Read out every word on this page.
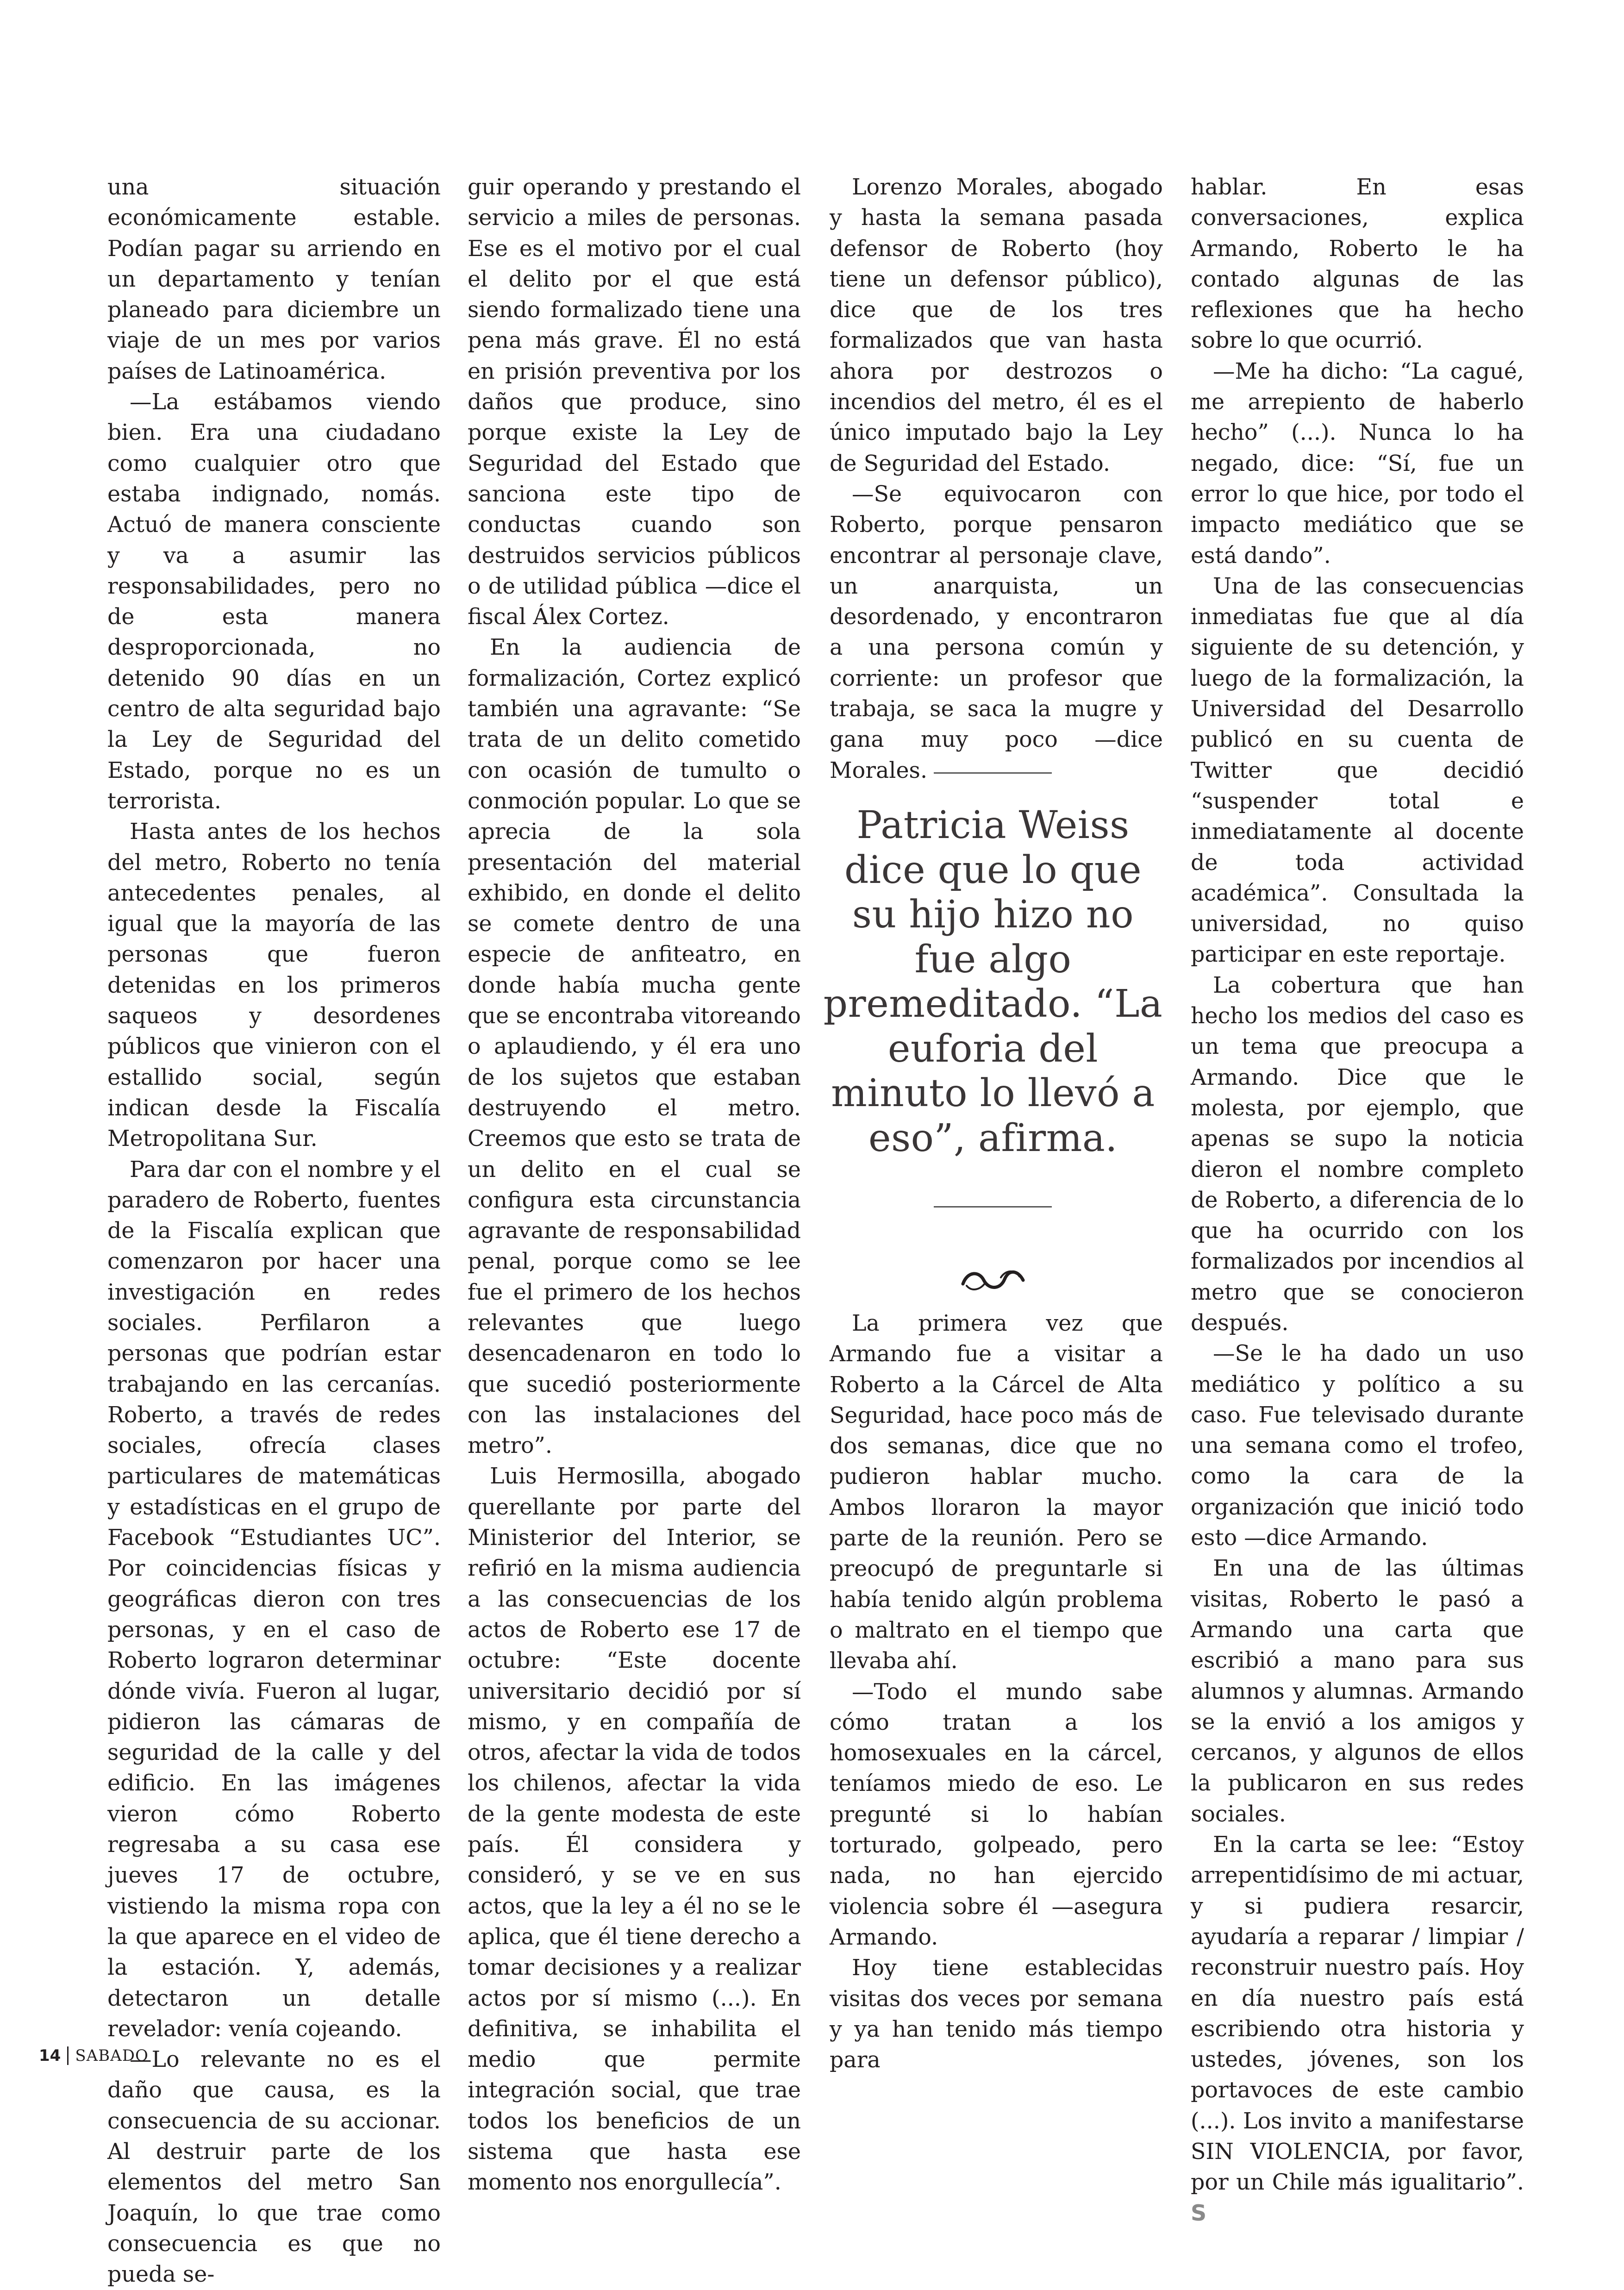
una situación económicamente estable. Podían pagar su arriendo en un departamento y tenían planeado para diciembre un viaje de un mes por varios países de Latinoamérica.

—La estábamos viendo bien. Era una ciudadano como cualquier otro que estaba indignado, nomás. Actuó de manera consciente y va a asumir las responsabilidades, pero no de esta manera desproporcionada, no detenido 90 días en un centro de alta seguridad bajo la Ley de Seguridad del Estado, porque no es un terrorista.

Hasta antes de los hechos del metro, Roberto no tenía antecedentes penales, al igual que la mayoría de las personas que fueron detenidas en los primeros saqueos y desordenes públicos que vinieron con el estallido social, según indican desde la Fiscalía Metropolitana Sur.

Para dar con el nombre y el paradero de Roberto, fuentes de la Fiscalía explican que comenzaron por hacer una investigación en redes sociales. Perfilaron a personas que podrían estar trabajando en las cercanías. Roberto, a través de redes sociales, ofrecía clases particulares de matemáticas y estadísticas en el grupo de Facebook “Estudiantes UC”. Por coincidencias físicas y geográficas dieron con tres personas, y en el caso de Roberto lograron determinar dónde vivía. Fueron al lugar, pidieron las cámaras de seguridad de la calle y del edificio. En las imágenes vieron cómo Roberto regresaba a su casa ese jueves 17 de octubre, vistiendo la misma ropa con la que aparece en el video de la estación. Y, además, detectaron un detalle revelador: venía cojeando.

—Lo relevante no es el daño que causa, es la consecuencia de su accionar. Al destruir parte de los elementos del metro San Joaquín, lo que trae como consecuencia es que no pueda se-

guir operando y prestando el servicio a miles de personas. Ese es el motivo por el cual el delito por el que está siendo formalizado tiene una pena más grave. Él no está en prisión preventiva por los daños que produce, sino porque existe la Ley de Seguridad del Estado que sanciona este tipo de conductas cuando son destruidos servicios públicos o de utilidad pública —dice el fiscal Álex Cortez.

En la audiencia de formalización, Cortez explicó también una agravante: “Se trata de un delito cometido con ocasión de tumulto o conmoción popular. Lo que se aprecia de la sola presentación del material exhibido, en donde el delito se comete dentro de una especie de anfiteatro, en donde había mucha gente que se encontraba vitoreando o aplaudiendo, y él era uno de los sujetos que estaban destruyendo el metro. Creemos que esto se trata de un delito en el cual se configura esta circunstancia agravante de responsabilidad penal, porque como se lee fue el primero de los hechos relevantes que luego desencadenaron en todo lo que sucedió posteriormente con las instalaciones del metro”.

Luis Hermosilla, abogado querellante por parte del Ministerior del Interior, se refirió en la misma audiencia a las consecuencias de los actos de Roberto ese 17 de octubre: “Este docente universitario decidió por sí mismo, y en compañía de otros, afectar la vida de todos los chilenos, afectar la vida de la gente modesta de este país. Él considera y consideró, y se ve en sus actos, que la ley a él no se le aplica, que él tiene derecho a tomar decisiones y a realizar actos por sí mismo (...). En definitiva, se inhabilita el medio que permite integración social, que trae todos los beneficios de un sistema que hasta ese momento nos enorgullecía”.

Lorenzo Morales, abogado y hasta la semana pasada defensor de Roberto (hoy tiene un defensor público), dice que de los tres formalizados que van hasta ahora por destrozos o incendios del metro, él es el único imputado bajo la Ley de Seguridad del Estado.

—Se equivocaron con Roberto, porque pensaron encontrar al personaje clave, un anarquista, un desordenado, y encontraron a una persona común y corriente: un profesor que trabaja, se saca la mugre y gana muy poco —dice Morales.

Patricia Weiss dice que lo que su hijo hizo no fue algo premeditado. “La euforia del minuto lo llevó a eso”, afirma.

La primera vez que Armando fue a visitar a Roberto a la Cárcel de Alta Seguridad, hace poco más de dos semanas, dice que no pudieron hablar mucho. Ambos lloraron la mayor parte de la reunión. Pero se preocupó de preguntarle si había tenido algún problema o maltrato en el tiempo que llevaba ahí.

—Todo el mundo sabe cómo tratan a los homosexuales en la cárcel, teníamos miedo de eso. Le pregunté si lo habían torturado, golpeado, pero nada, no han ejercido violencia sobre él —asegura Armando.

Hoy tiene establecidas visitas dos veces por semana y ya han tenido más tiempo para

hablar. En esas conversaciones, explica Armando, Roberto le ha contado algunas de las reflexiones que ha hecho sobre lo que ocurrió.

—Me ha dicho: “La cagué, me arrepiento de haberlo hecho” (...). Nunca lo ha negado, dice: “Sí, fue un error lo que hice, por todo el impacto mediático que se está dando”.

Una de las consecuencias inmediatas fue que al día siguiente de su detención, y luego de la formalización, la Universidad del Desarrollo publicó en su cuenta de Twitter que decidió “suspender total e inmediatamente al docente de toda actividad académica”. Consultada la universidad, no quiso participar en este reportaje.

La cobertura que han hecho los medios del caso es un tema que preocupa a Armando. Dice que le molesta, por ejemplo, que apenas se supo la noticia dieron el nombre completo de Roberto, a diferencia de lo que ha ocurrido con los formalizados por incendios al metro que se conocieron después.

—Se le ha dado un uso mediático y político a su caso. Fue televisado durante una semana como el trofeo, como la cara de la organización que inició todo esto —dice Armando.

En una de las últimas visitas, Roberto le pasó a Armando una carta que escribió a mano para sus alumnos y alumnas. Armando se la envió a los amigos y cercanos, y algunos de ellos la publicaron en sus redes sociales.

En la carta se lee: “Estoy arrepentidísimo de mi actuar, y si pudiera resarcir, ayudaría a reparar / limpiar / reconstruir nuestro país. Hoy en día nuestro país está escribiendo otra historia y ustedes, jóvenes, son los portavoces de este cambio (...). Los invito a manifestarse SIN VIOLENCIA, por favor, por un Chile más igualitario”. S

14 SABADO
